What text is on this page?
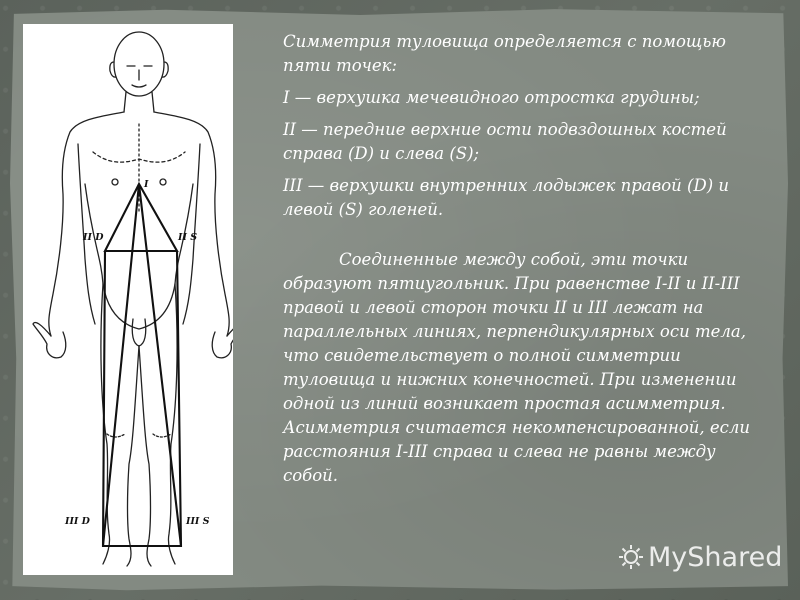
I
II D	II S
III D	III S

Симметрия туловища определяется с помощью пяти точек:

I — верхушка мечевидного отростка грудины;

II — передние верхние ости подвздошных костей справа (D) и слева (S);

III — верхушки внутренних лодыжек правой (D) и левой (S) голеней.

Соединенные между собой, эти точки образуют пятиугольник. При равенстве I-II и II-III правой и левой сторон точки II и III лежат на параллельных линиях, перпендикулярных оси тела, что свидетельствует о полной симметрии туловища и нижних конечностей. При изменении одной из линий возникает простая асимметрия. Асимметрия считается некомпенсированной, если расстояния I-III справа и слева не равны между собой.

MyShared
